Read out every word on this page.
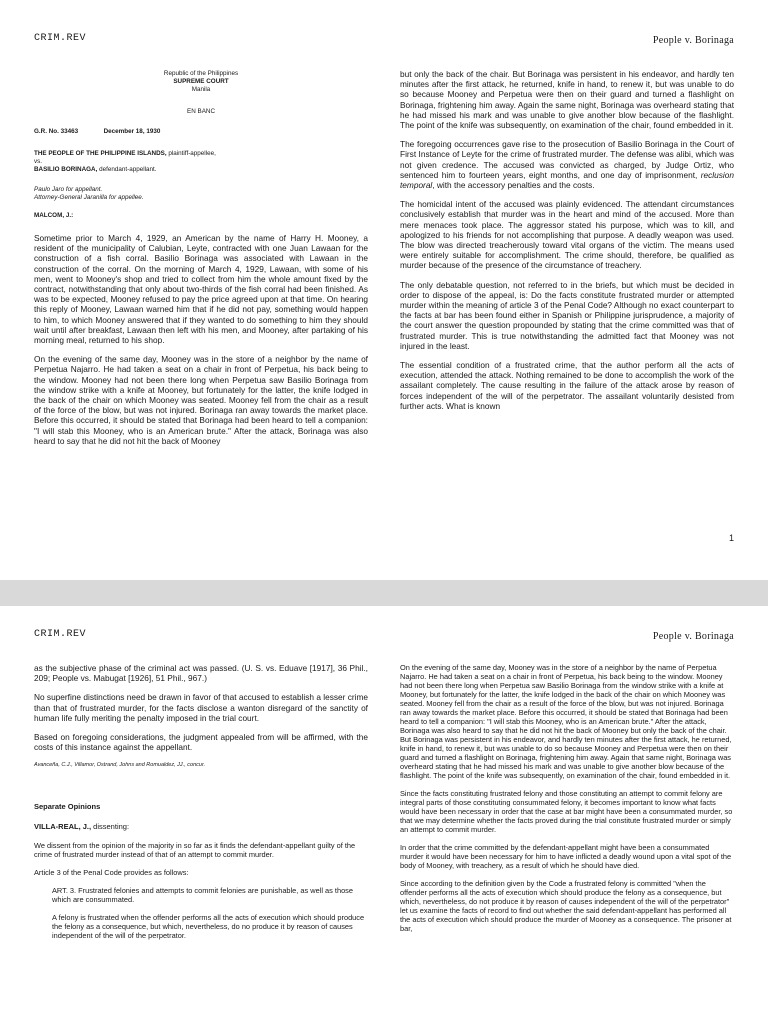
CRIM.REV	People v. Borinaga
Republic of the Philippines
SUPREME COURT
Manila
EN BANC
G.R. No. 33463	December 18, 1930
THE PEOPLE OF THE PHILIPPINE ISLANDS, plaintiff-appellee,
vs.
BASILIO BORINAGA, defendant-appellant.
Paulo Jaro for appellant.
Attorney-General Jaranilla for appellee.
MALCOM, J.:

Sometime prior to March 4, 1929, an American by the name of Harry H. Mooney, a resident of the municipality of Calubian, Leyte, contracted with one Juan Lawaan for the construction of a fish corral. Basilio Borinaga was associated with Lawaan in the construction of the corral. On the morning of March 4, 1929, Lawaan, with some of his men, went to Mooney's shop and tried to collect from him the whole amount fixed by the contract, notwithstanding that only about two-thirds of the fish corral had been finished. As was to be expected, Mooney refused to pay the price agreed upon at that time. On hearing this reply of Mooney, Lawaan warned him that if he did not pay, something would happen to him, to which Mooney answered that if they wanted to do something to him they should wait until after breakfast, Lawaan then left with his men, and Mooney, after partaking of his morning meal, returned to his shop.

On the evening of the same day, Mooney was in the store of a neighbor by the name of Perpetua Najarro. He had taken a seat on a chair in front of Perpetua, his back being to the window. Mooney had not been there long when Perpetua saw Basilio Borinaga from the window strike with a knife at Mooney, but fortunately for the latter, the knife lodged in the back of the chair on which Mooney was seated. Mooney fell from the chair as a result of the force of the blow, but was not injured. Borinaga ran away towards the market place. Before this occurred, it should be stated that Borinaga had been heard to tell a companion: "I will stab this Mooney, who is an American brute." After the attack, Borinaga was also heard to say that he did not hit the back of Mooney

but only the back of the chair. But Borinaga was persistent in his endeavor, and hardly ten minutes after the first attack, he returned, knife in hand, to renew it, but was unable to do so because Mooney and Perpetua were then on their guard and turned a flashlight on Borinaga, frightening him away. Again the same night, Borinaga was overheard stating that he had missed his mark and was unable to give another blow because of the flashlight. The point of the knife was subsequently, on examination of the chair, found embedded in it.

The foregoing occurrences gave rise to the prosecution of Basilio Borinaga in the Court of First Instance of Leyte for the crime of frustrated murder. The defense was alibi, which was not given credence. The accused was convicted as charged, by Judge Ortiz, who sentenced him to fourteen years, eight months, and one day of imprisonment, reclusion temporal, with the accessory penalties and the costs.

The homicidal intent of the accused was plainly evidenced. The attendant circumstances conclusively establish that murder was in the heart and mind of the accused. More than mere menaces took place. The aggressor stated his purpose, which was to kill, and apologized to his friends for not accomplishing that purpose. A deadly weapon was used. The blow was directed treacherously toward vital organs of the victim. The means used were entirely suitable for accomplishment. The crime should, therefore, be qualified as murder because of the presence of the circumstance of treachery.

The only debatable question, not referred to in the briefs, but which must be decided in order to dispose of the appeal, is: Do the facts constitute frustrated murder or attempted murder within the meaning of article 3 of the Penal Code? Although no exact counterpart to the facts at bar has been found either in Spanish or Philippine jurisprudence, a majority of the court answer the question propounded by stating that the crime committed was that of frustrated murder. This is true notwithstanding the admitted fact that Mooney was not injured in the least.

The essential condition of a frustrated crime, that the author perform all the acts of execution, attended the attack. Nothing remained to be done to accomplish the work of the assailant completely. The cause resulting in the failure of the attack arose by reason of forces independent of the will of the perpetrator. The assailant voluntarily desisted from further acts. What is known

1
CRIM.REV	People v. Borinaga

as the subjective phase of the criminal act was passed. (U. S. vs. Eduave [1917], 36 Phil., 209; People vs. Mabugat [1926], 51 Phil., 967.)

No superfine distinctions need be drawn in favor of that accused to establish a lesser crime than that of frustrated murder, for the facts disclose a wanton disregard of the sanctity of human life fully meriting the penalty imposed in the trial court.

Based on foregoing considerations, the judgment appealed from will be affirmed, with the costs of this instance against the appellant.

Avanceña, C.J., Villamor, Ostrand, Johns and Romualdez, JJ., concur.
Separate Opinions
VILLA-REAL, J., dissenting:

We dissent from the opinion of the majority in so far as it finds the defendant-appellant guilty of the crime of frustrated murder instead of that of an attempt to commit murder.

Article 3 of the Penal Code provides as follows:

ART. 3. Frustrated felonies and attempts to commit felonies are punishable, as well as those which are consummated.

A felony is frustrated when the offender performs all the acts of execution which should produce the felony as a consequence, but which, nevertheless, do no produce it by reason of causes independent of the will of the perpetrator.

On the evening of the same day, Mooney was in the store of a neighbor by the name of Perpetua Najarro. He had taken a seat on a chair in front of Perpetua, his back being to the window. Mooney had not been there long when Perpetua saw Basilio Borinaga from the window strike with a knife at Mooney, but fortunately for the latter, the knife lodged in the back of the chair on which Mooney was seated. Mooney fell from the chair as a result of the force of the blow, but was not injured. Borinaga ran away towards the market place. Before this occurred, it should be stated that Borinaga had been heard to tell a companion: "I will stab this Mooney, who is an American brute." After the attack, Borinaga was also heard to say that he did not hit the back of Mooney but only the back of the chair. But Borinaga was persistent in his endeavor, and hardly ten minutes after the first attack, he returned, knife in hand, to renew it, but was unable to do so because Mooney and Perpetua were then on their guard and turned a flashlight on Borinaga, frightening him away. Again that same night, Borinaga was overheard stating that he had missed his mark and was unable to give another blow because of the flashlight. The point of the knife was subsequently, on examination of the chair, found embedded in it.

Since the facts constituting frustrated felony and those constituting an attempt to commit felony are integral parts of those constituting consummated felony, it becomes important to know what facts would have been necessary in order that the case at bar might have been a consummated murder, so that we may determine whether the facts proved during the trial constitute frustrated murder or simply an attempt to commit murder.

In order that the crime committed by the defendant-appellant might have been a consummated murder it would have been necessary for him to have inflicted a deadly wound upon a vital spot of the body of Mooney, with treachery, as a result of which he should have died.

Since according to the definition given by the Code a frustrated felony is committed "when the offender performs all the acts of execution which should produce the felony as a consequence, but which, nevertheless, do not produce it by reason of causes independent of the will of the perpetrator" let us examine the facts of record to find out whether the said defendant-appellant has performed all the acts of execution which should produce the murder of Mooney as a consequence. The prisoner at bar,
